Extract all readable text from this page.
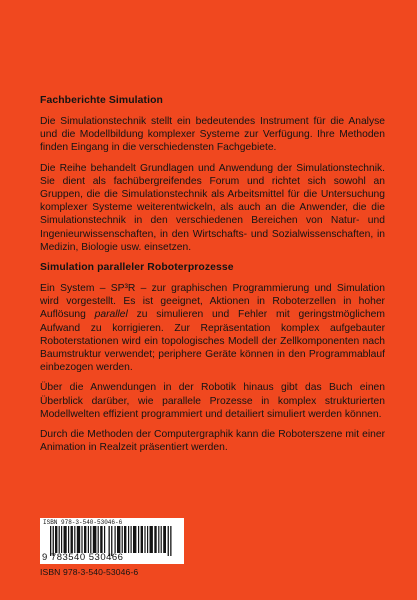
Fachberichte Simulation

Die Simulationstechnik stellt ein bedeutendes Instrument für die Analyse und die Modellbildung komplexer Systeme zur Verfügung. Ihre Methoden finden Eingang in die verschiedensten Fachgebiete.

Die Reihe behandelt Grundlagen und Anwendung der Simulationstechnik. Sie dient als fachübergreifendes Forum und richtet sich sowohl an Gruppen, die die Simulationstechnik als Arbeitsmittel für die Untersuchung komplexer Systeme weiterentwickeln, als auch an die Anwender, die die Simulationstechnik in den verschiedenen Bereichen von Natur- und Ingenieurwissenschaften, in den Wirtschafts- und Sozialwissenschaften, in Medizin, Biologie usw. einsetzen.

Simulation paralleler Roboterprozesse

Ein System – SP³R – zur graphischen Programmierung und Simulation wird vorgestellt. Es ist geeignet, Aktionen in Roboterzellen in hoher Auflösung parallel zu simulieren und Fehler mit geringstmöglichem Aufwand zu korrigieren. Zur Repräsentation komplex aufgebauter Roboterstationen wird ein topologisches Modell der Zellkomponenten nach Baumstruktur verwendet; periphere Geräte können in den Programmablauf einbezogen werden.

Über die Anwendungen in der Robotik hinaus gibt das Buch einen Überblick darüber, wie parallele Prozesse in komplex strukturierten Modellwelten effizient programmiert und detailiert simuliert werden können.

Durch die Methoden der Computergraphik kann die Roboterszene mit einer Animation in Realzeit präsentiert werden.

ISBN 978-3-540-53046-6
9 783540 530466
ISBN 978-3-540-53046-6
